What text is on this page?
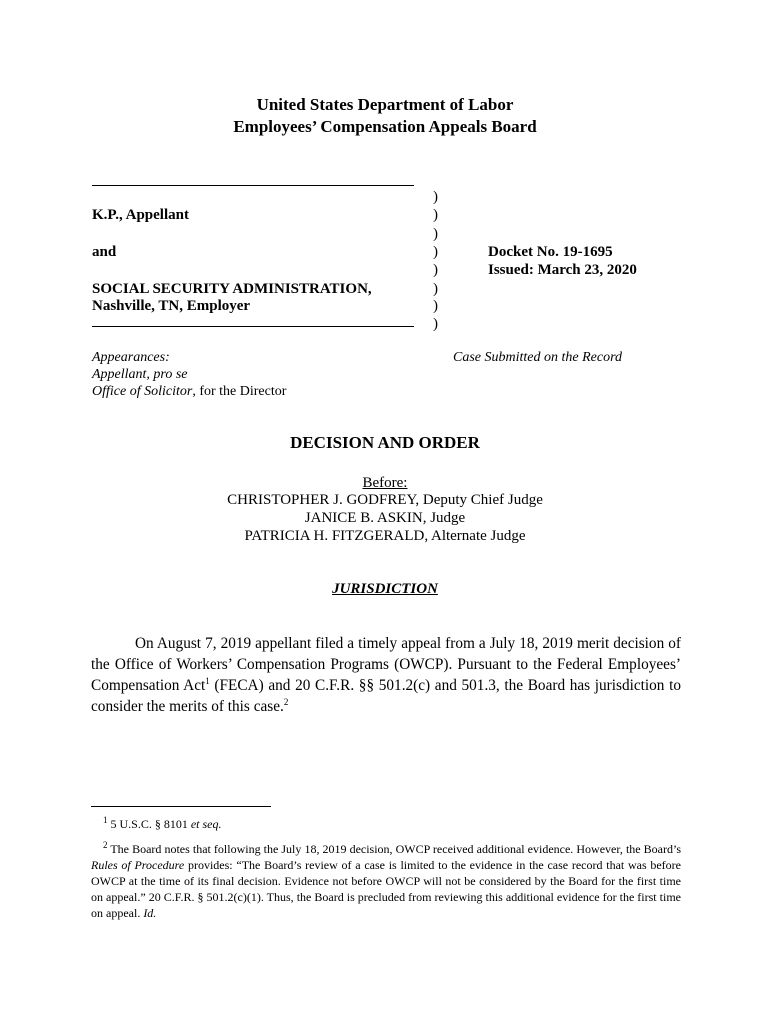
United States Department of Labor
Employees’ Compensation Appeals Board
K.P., Appellant
and
SOCIAL SECURITY ADMINISTRATION,
Nashville, TN, Employer
)
)
)
)
)
)
)
)
Docket No. 19-1695
Issued: March 23, 2020
Appearances:
Appellant, pro se
Office of Solicitor, for the Director
Case Submitted on the Record
DECISION AND ORDER
Before:
CHRISTOPHER J. GODFREY, Deputy Chief Judge
JANICE B. ASKIN, Judge
PATRICIA H. FITZGERALD, Alternate Judge
JURISDICTION
On August 7, 2019 appellant filed a timely appeal from a July 18, 2019 merit decision of the Office of Workers’ Compensation Programs (OWCP). Pursuant to the Federal Employees’ Compensation Act$^1$ (FECA) and 20 C.F.R. §§ 501.2(c) and 501.3, the Board has jurisdiction to consider the merits of this case.$^2$
$^1$ 5 U.S.C. § 8101 et seq.
$^2$ The Board notes that following the July 18, 2019 decision, OWCP received additional evidence. However, the Board’s Rules of Procedure provides: “The Board’s review of a case is limited to the evidence in the case record that was before OWCP at the time of its final decision. Evidence not before OWCP will not be considered by the Board for the first time on appeal.” 20 C.F.R. § 501.2(c)(1). Thus, the Board is precluded from reviewing this additional evidence for the first time on appeal. Id.
